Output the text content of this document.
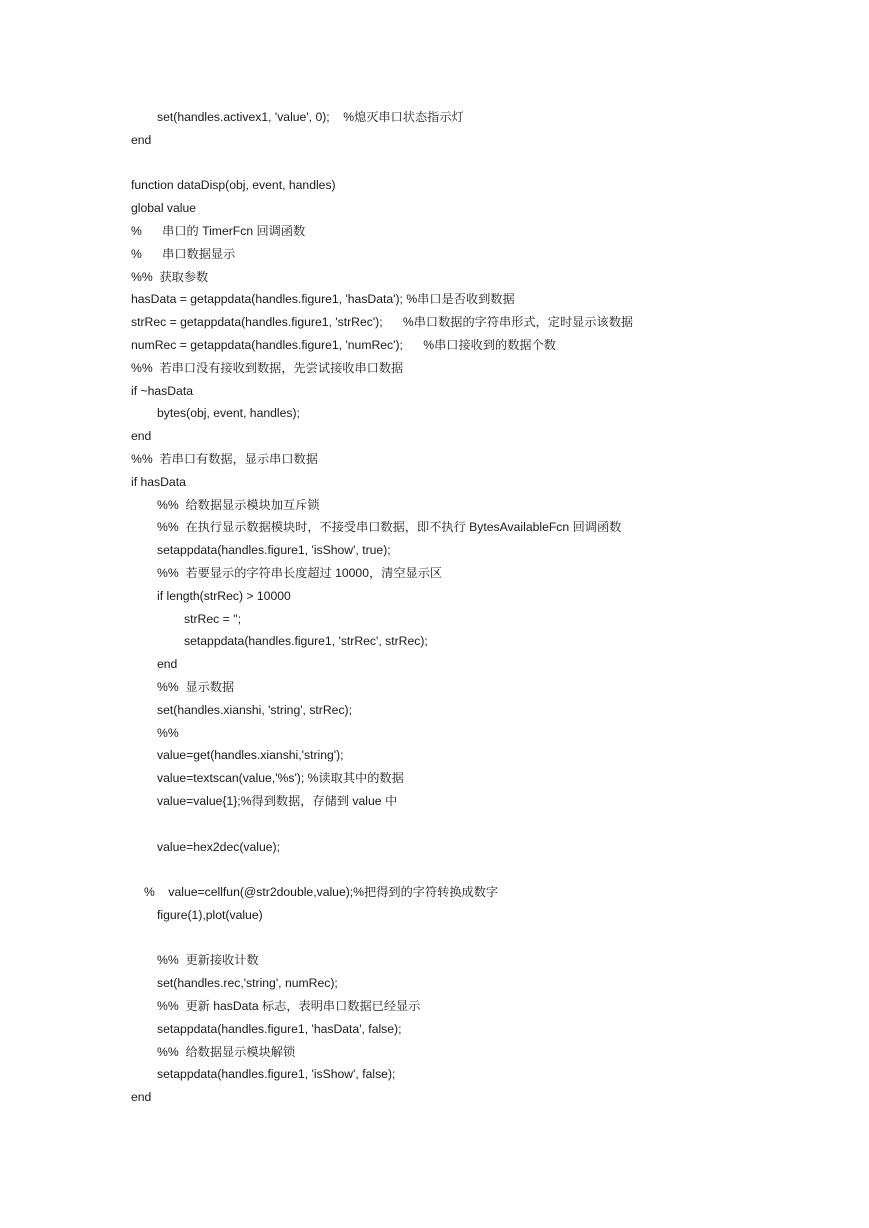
set(handles.activex1, 'value', 0);    %熄灭串口状态指示灯
end
function dataDisp(obj, event, handles)
global value
%      串口的 TimerFcn 回调函数
%      串口数据显示
%%  获取参数
hasData = getappdata(handles.figure1, 'hasData'); %串口是否收到数据
strRec = getappdata(handles.figure1, 'strRec');      %串口数据的字符串形式，定时显示该数据
numRec = getappdata(handles.figure1, 'numRec');      %串口接收到的数据个数
%%  若串口没有接收到数据，先尝试接收串口数据
if ~hasData
bytes(obj, event, handles);
end
%%  若串口有数据，显示串口数据
if hasData
%%  给数据显示模块加互斥锁
%%  在执行显示数据模块时，不接受串口数据，即不执行 BytesAvailableFcn 回调函数
setappdata(handles.figure1, 'isShow', true);
%%  若要显示的字符串长度超过 10000，清空显示区
if length(strRec) > 10000
strRec = '';
setappdata(handles.figure1, 'strRec', strRec);
end
%%  显示数据
set(handles.xianshi, 'string', strRec);
%%
value=get(handles.xianshi,'string');
value=textscan(value,'%s'); %读取其中的数据
value=value{1};%得到数据，存储到 value 中
value=hex2dec(value);
%    value=cellfun(@str2double,value);%把得到的字符转换成数字
figure(1),plot(value)
%%  更新接收计数
set(handles.rec,'string', numRec);
%%  更新 hasData 标志，表明串口数据已经显示
setappdata(handles.figure1, 'hasData', false);
%%  给数据显示模块解锁
setappdata(handles.figure1, 'isShow', false);
end
